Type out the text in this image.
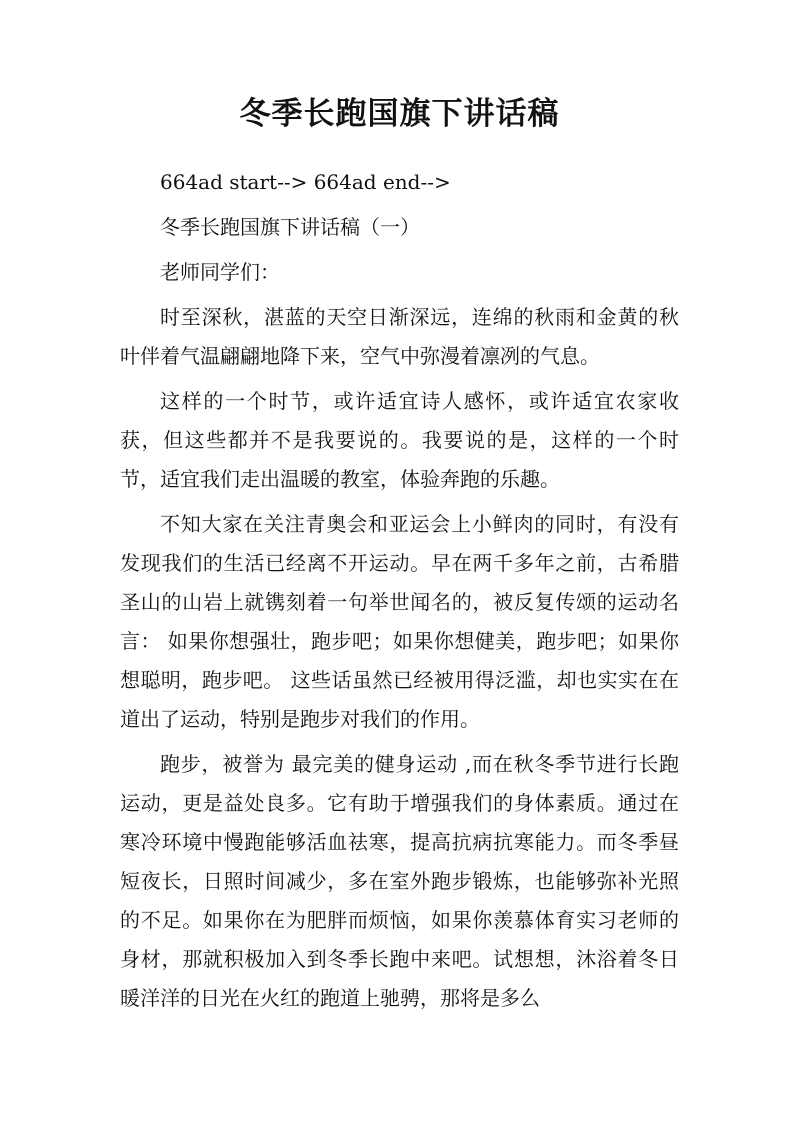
冬季长跑国旗下讲话稿

664ad start--> 664ad end-->

冬季长跑国旗下讲话稿（一）

老师同学们：

时至深秋，湛蓝的天空日渐深远，连绵的秋雨和金黄的秋叶伴着气温翩翩地降下来，空气中弥漫着凛冽的气息。

这样的一个时节，或许适宜诗人感怀，或许适宜农家收获，但这些都并不是我要说的。我要说的是，这样的一个时节，适宜我们走出温暖的教室，体验奔跑的乐趣。

不知大家在关注青奥会和亚运会上小鲜肉的同时，有没有发现我们的生活已经离不开运动。早在两千多年之前，古希腊圣山的山岩上就镌刻着一句举世闻名的，被反复传颂的运动名言： 如果你想强壮，跑步吧；如果你想健美，跑步吧；如果你想聪明，跑步吧。 这些话虽然已经被用得泛滥，却也实实在在道出了运动，特别是跑步对我们的作用。

跑步，被誉为 最完美的健身运动 ,而在秋冬季节进行长跑运动，更是益处良多。它有助于增强我们的身体素质。通过在寒冷环境中慢跑能够活血祛寒，提高抗病抗寒能力。而冬季昼短夜长，日照时间减少，多在室外跑步锻炼，也能够弥补光照的不足。如果你在为肥胖而烦恼，如果你羡慕体育实习老师的身材，那就积极加入到冬季长跑中来吧。试想想，沐浴着冬日暖洋洋的日光在火红的跑道上驰骋，那将是多么
